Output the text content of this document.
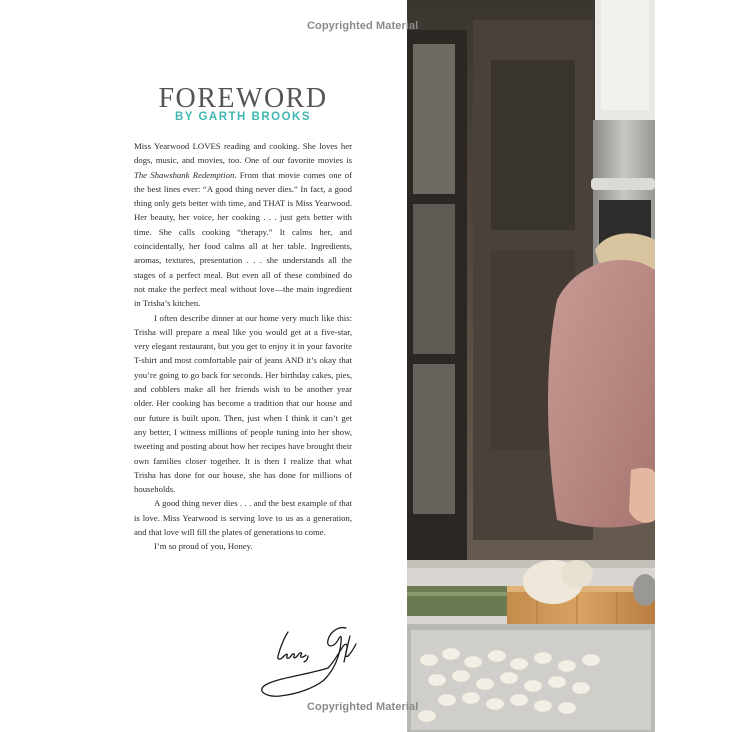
FOREWORD
BY GARTH BROOKS

Miss Yearwood LOVES reading and cooking. She loves her dogs, music, and movies, too. One of our favorite movies is The Shawshank Redemption. From that movie comes one of the best lines ever: “A good thing never dies.” In fact, a good thing only gets better with time, and THAT is Miss Yearwood. Her beauty, her voice, her cooking . . . just gets better with time. She calls cooking “therapy.” It calms her, and coincidentally, her food calms all at her table. Ingredients, aromas, textures, presentation . . . she understands all the stages of a perfect meal. But even all of these combined do not make the perfect meal without love—the main ingredient in Trisha’s kitchen.

I often describe dinner at our home very much like this: Trisha will prepare a meal like you would get at a five-star, very elegant restaurant, but you get to enjoy it in your favorite T-shirt and most comfortable pair of jeans AND it’s okay that you’re going to go back for seconds. Her birthday cakes, pies, and cobblers make all her friends wish to be another year older. Her cooking has become a tradition that our house and our future is built upon. Then, just when I think it can’t get any better, I witness millions of people tuning into her show, tweeting and posting about how her recipes have brought their own families closer together. It is then I realize that what Trisha has done for our house, she has done for millions of households.

A good thing never dies . . . and the best example of that is love. Miss Yearwood is serving love to us as a generation, and that love will fill the plates of generations to come.

I’m so proud of you, Honey.

Copyrighted Material
Copyrighted Material
